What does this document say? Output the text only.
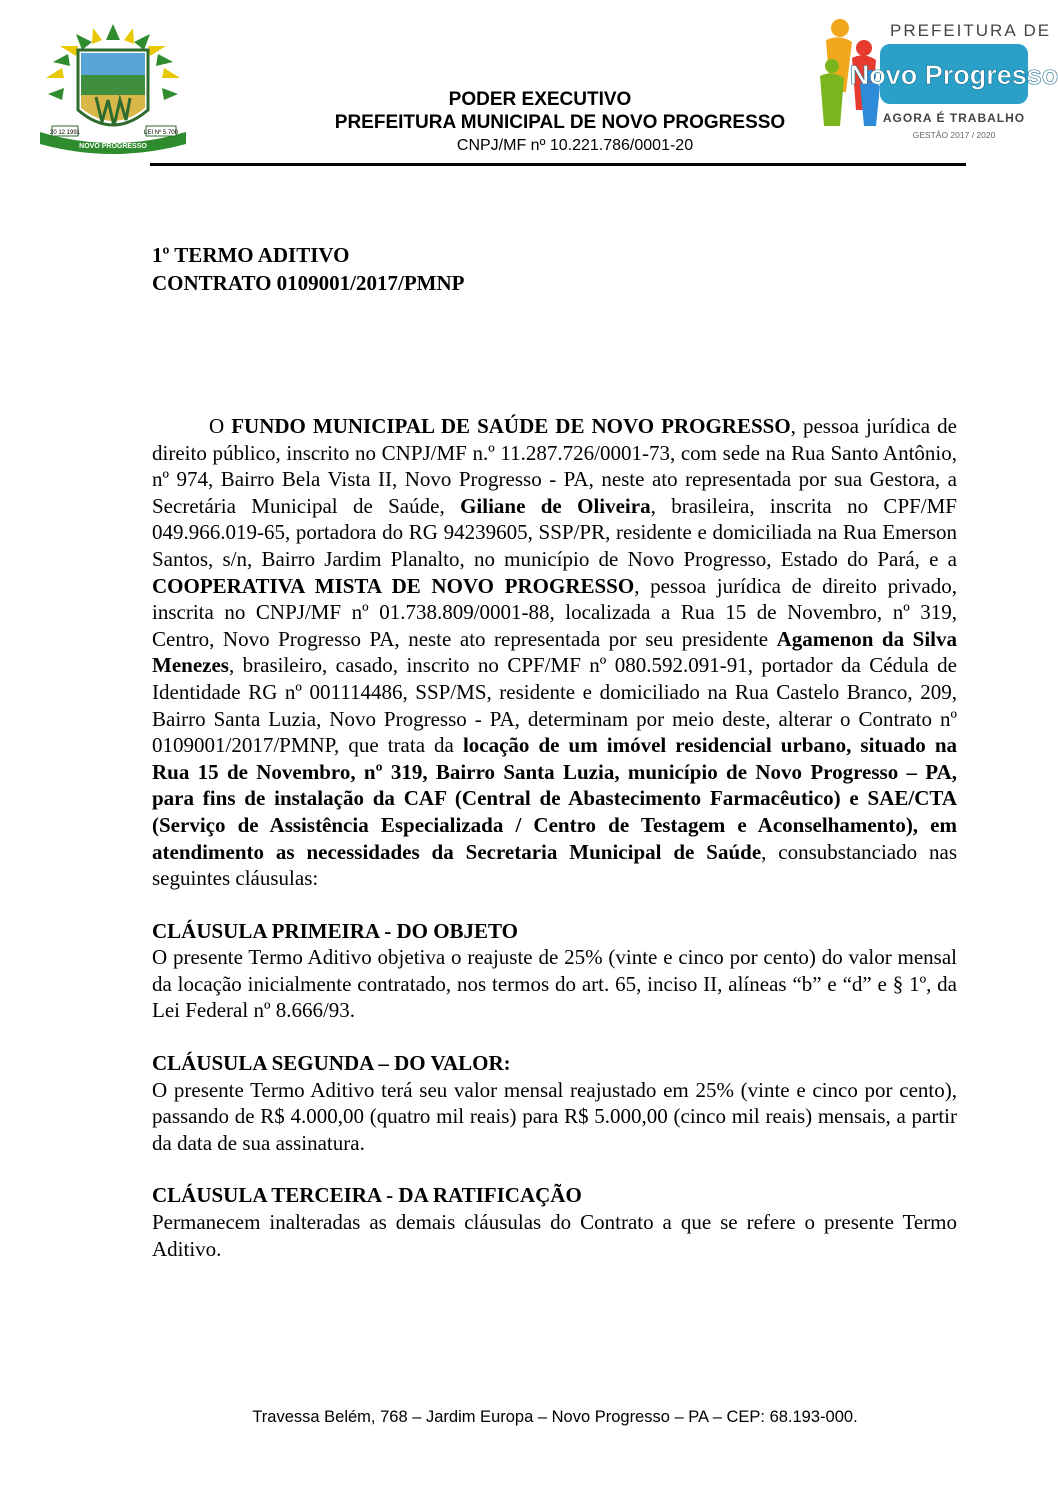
20 12 1991	LEI Nº 5.700
NOVO PROGRESSO
PREFEITURA DE
Novo Progresso
AGORA É TRABALHO
GESTÃO 2017 / 2020
PODER EXECUTIVO
PREFEITURA MUNICIPAL DE NOVO PROGRESSO
CNPJ/MF nº 10.221.786/0001-20
1º TERMO ADITIVO
CONTRATO 0109001/2017/PMNP

O FUNDO MUNICIPAL DE SAÚDE DE NOVO PROGRESSO, pessoa jurídica de direito público, inscrito no CNPJ/MF n.º 11.287.726/0001-73, com sede na Rua Santo Antônio, nº 974, Bairro Bela Vista II, Novo Progresso - PA, neste ato representada por sua Gestora, a Secretária Municipal de Saúde, Giliane de Oliveira, brasileira, inscrita no CPF/MF 049.966.019-65, portadora do RG 94239605, SSP/PR, residente e domiciliada na Rua Emerson Santos, s/n, Bairro Jardim Planalto, no município de Novo Progresso, Estado do Pará, e a COOPERATIVA MISTA DE NOVO PROGRESSO, pessoa jurídica de direito privado, inscrita no CNPJ/MF nº 01.738.809/0001-88, localizada a Rua 15 de Novembro, nº 319, Centro, Novo Progresso PA, neste ato representada por seu presidente Agamenon da Silva Menezes, brasileiro, casado, inscrito no CPF/MF nº 080.592.091-91, portador da Cédula de Identidade RG nº 001114486, SSP/MS, residente e domiciliado na Rua Castelo Branco, 209, Bairro Santa Luzia, Novo Progresso - PA, determinam por meio deste, alterar o Contrato nº 0109001/2017/PMNP, que trata da locação de um imóvel residencial urbano, situado na Rua 15 de Novembro, nº 319, Bairro Santa Luzia, município de Novo Progresso – PA, para fins de instalação da CAF (Central de Abastecimento Farmacêutico) e SAE/CTA (Serviço de Assistência Especializada / Centro de Testagem e Aconselhamento), em atendimento as necessidades da Secretaria Municipal de Saúde, consubstanciado nas seguintes cláusulas:

CLÁUSULA PRIMEIRA - DO OBJETO

O presente Termo Aditivo objetiva o reajuste de 25% (vinte e cinco por cento) do valor mensal da locação inicialmente contratado, nos termos do art. 65, inciso II, alíneas “b” e “d” e § 1º, da Lei Federal nº 8.666/93.

CLÁUSULA SEGUNDA – DO VALOR:

O presente Termo Aditivo terá seu valor mensal reajustado em 25% (vinte e cinco por cento), passando de R$ 4.000,00 (quatro mil reais) para R$ 5.000,00 (cinco mil reais) mensais, a partir da data de sua assinatura.

CLÁUSULA TERCEIRA - DA RATIFICAÇÃO

Permanecem inalteradas as demais cláusulas do Contrato a que se refere o presente Termo Aditivo.

Travessa Belém, 768 – Jardim Europa – Novo Progresso – PA – CEP: 68.193-000.
